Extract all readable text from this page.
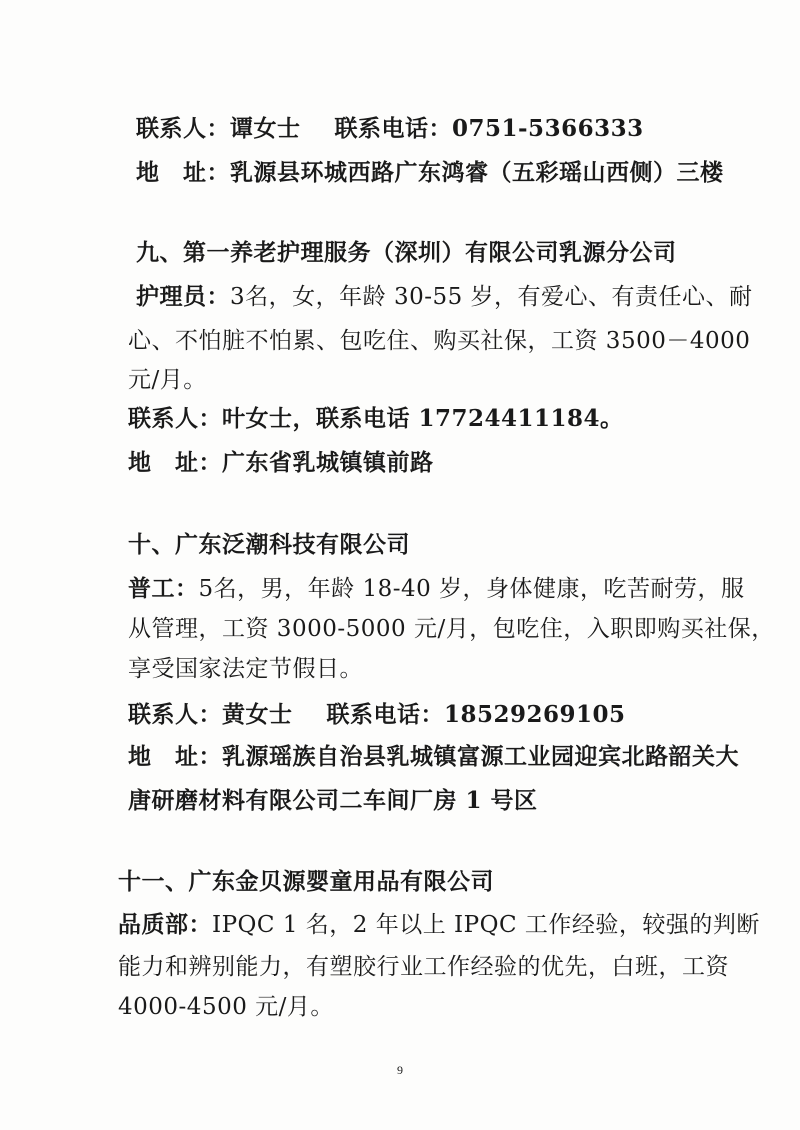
联系人：谭女士 联系电话：0751-5366333
地　址：乳源县环城西路广东鸿睿（五彩瑶山西侧）三楼
九、第一养老护理服务（深圳）有限公司乳源分公司
护理员：3名，女，年龄 30-55 岁，有爱心、有责任心、耐
心、不怕脏不怕累、包吃住、购买社保，工资 3500－4000
元/月。
联系人：叶女士，联系电话 17724411184。
地　址：广东省乳城镇镇前路
十、广东泛潮科技有限公司
普工：5名，男，年龄 18-40 岁，身体健康，吃苦耐劳，服
从管理，工资 3000-5000 元/月，包吃住，入职即购买社保，
享受国家法定节假日。
联系人：黄女士 联系电话：18529269105
地　址：乳源瑶族自治县乳城镇富源工业园迎宾北路韶关大
唐研磨材料有限公司二车间厂房 1 号区
十一、广东金贝源婴童用品有限公司
品质部：IPQC 1 名，2 年以上 IPQC 工作经验，较强的判断
能力和辨别能力，有塑胶行业工作经验的优先，白班，工资
4000-4500 元/月。
9
